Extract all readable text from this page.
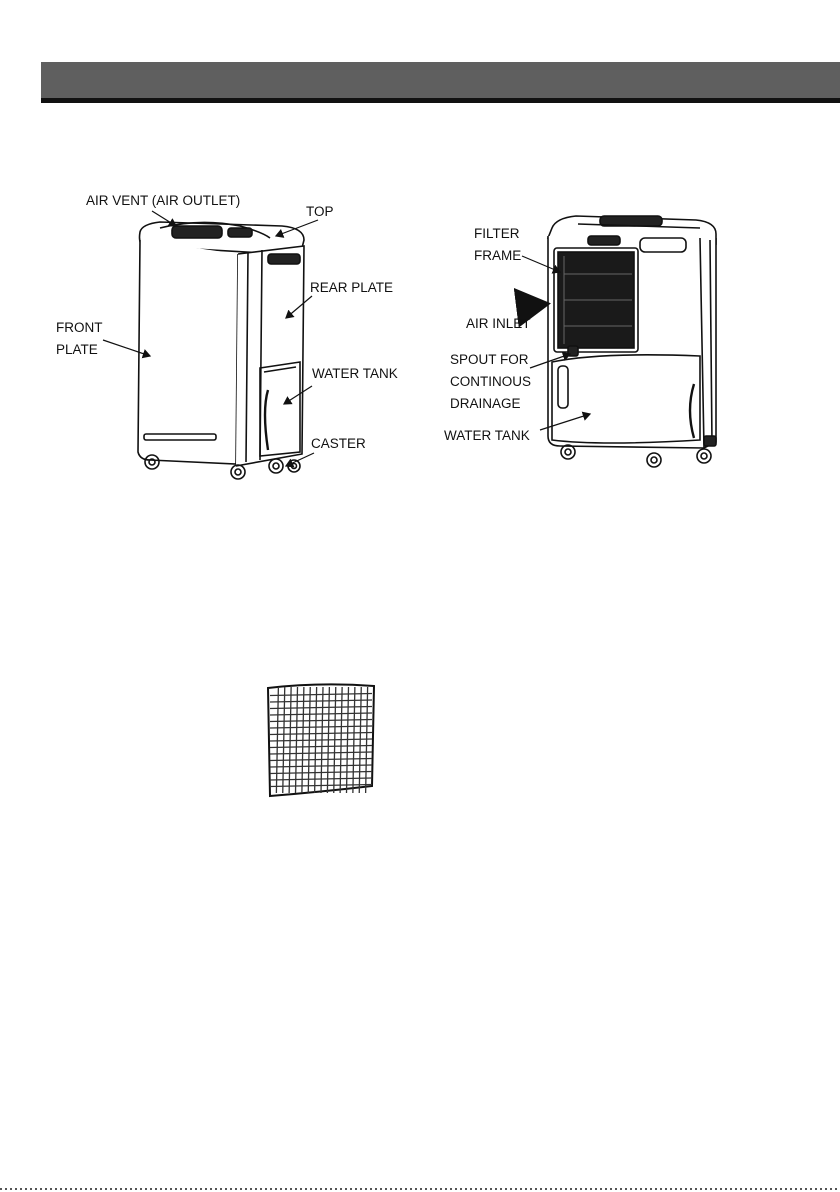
AIR VENT (AIR OUTLET)
TOP
FRONT
PLATE
REAR PLATE
WATER TANK
CASTER
FILTER
FRAME
AIR INLET
SPOUT FOR
CONTINOUS
DRAINAGE
WATER TANK
